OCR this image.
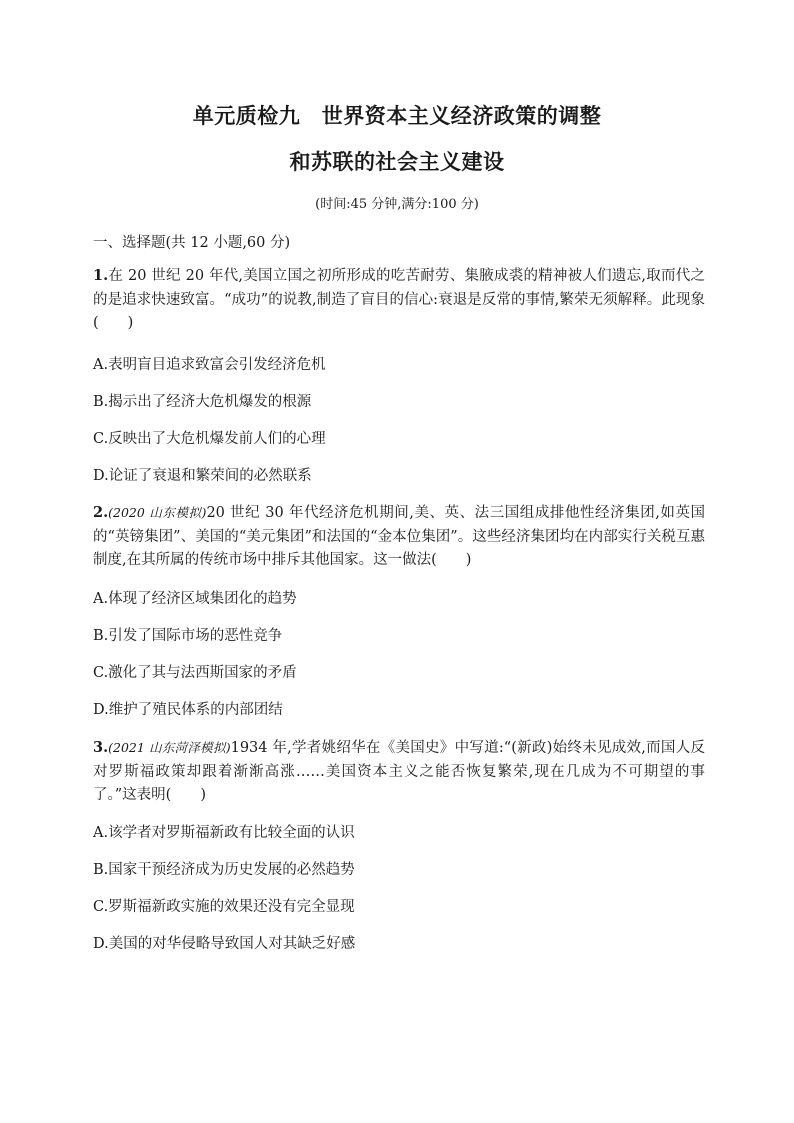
单元质检九　世界资本主义经济政策的调整
和苏联的社会主义建设
(时间:45 分钟,满分:100 分)
一、选择题(共 12 小题,60 分)
1.在 20 世纪 20 年代,美国立国之初所形成的吃苦耐劳、集腋成裘的精神被人们遗忘,取而代之的是追求快速致富。“成功”的说教,制造了盲目的信心:衰退是反常的事情,繁荣无须解释。此现象(　　)
A.表明盲目追求致富会引发经济危机
B.揭示出了经济大危机爆发的根源
C.反映出了大危机爆发前人们的心理
D.论证了衰退和繁荣间的必然联系
2.(2020 山东模拟)20 世纪 30 年代经济危机期间,美、英、法三国组成排他性经济集团,如英国的“英镑集团”、美国的“美元集团”和法国的“金本位集团”。这些经济集团均在内部实行关税互惠制度,在其所属的传统市场中排斥其他国家。这一做法(　　)
A.体现了经济区域集团化的趋势
B.引发了国际市场的恶性竞争
C.激化了其与法西斯国家的矛盾
D.维护了殖民体系的内部团结
3.(2021 山东菏泽模拟)1934 年,学者姚绍华在《美国史》中写道:“(新政)始终未见成效,而国人反对罗斯福政策却跟着渐渐高涨……美国资本主义之能否恢复繁荣,现在几成为不可期望的事了。”这表明(　　)
A.该学者对罗斯福新政有比较全面的认识
B.国家干预经济成为历史发展的必然趋势
C.罗斯福新政实施的效果还没有完全显现
D.美国的对华侵略导致国人对其缺乏好感
